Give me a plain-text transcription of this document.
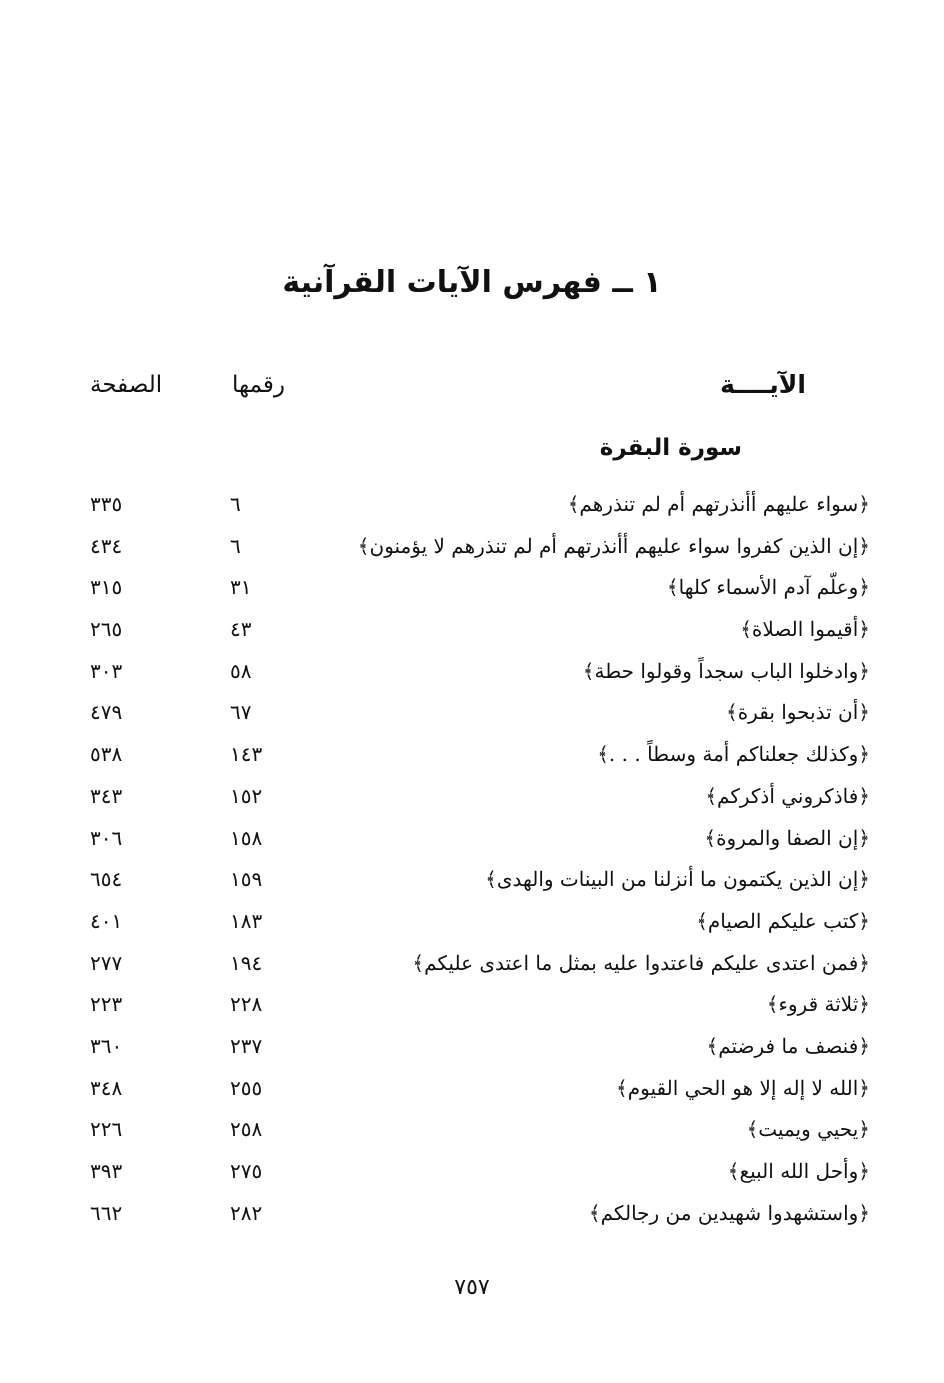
١ ــ فهرس الآيات القرآنية
الآيــــة
رقمها
الصفحة
سورة البقرة
﴿سواء عليهم أأنذرتهم أم لم تنذرهم﴾
٦
٣٣٥
﴿إن الذين كفروا سواء عليهم أأنذرتهم أم لم تنذرهم لا يؤمنون﴾
٦
٤٣٤
﴿وعلّم آدم الأسماء كلها﴾
٣١
٣١٥
﴿أقيموا الصلاة﴾
٤٣
٢٦٥
﴿وادخلوا الباب سجداً وقولوا حطة﴾
٥٨
٣٠٣
﴿أن تذبحوا بقرة﴾
٦٧
٤٧٩
﴿وكذلك جعلناكم أمة وسطاً . . .﴾
١٤٣
٥٣٨
﴿فاذكروني أذكركم﴾
١٥٢
٣٤٣
﴿إن الصفا والمروة﴾
١٥٨
٣٠٦
﴿إن الذين يكتمون ما أنزلنا من البينات والهدى﴾
١٥٩
٦٥٤
﴿كتب عليكم الصيام﴾
١٨٣
٤٠١
﴿فمن اعتدى عليكم فاعتدوا عليه بمثل ما اعتدى عليكم﴾
١٩٤
٢٧٧
﴿ثلاثة قروء﴾
٢٢٨
٢٢٣
﴿فنصف ما فرضتم﴾
٢٣٧
٣٦٠
﴿الله لا إله إلا هو الحي القيوم﴾
٢٥٥
٣٤٨
﴿يحيي ويميت﴾
٢٥٨
٢٢٦
﴿وأحل الله البيع﴾
٢٧٥
٣٩٣
﴿واستشهدوا شهيدين من رجالكم﴾
٢٨٢
٦٦٢
٧٥٧
